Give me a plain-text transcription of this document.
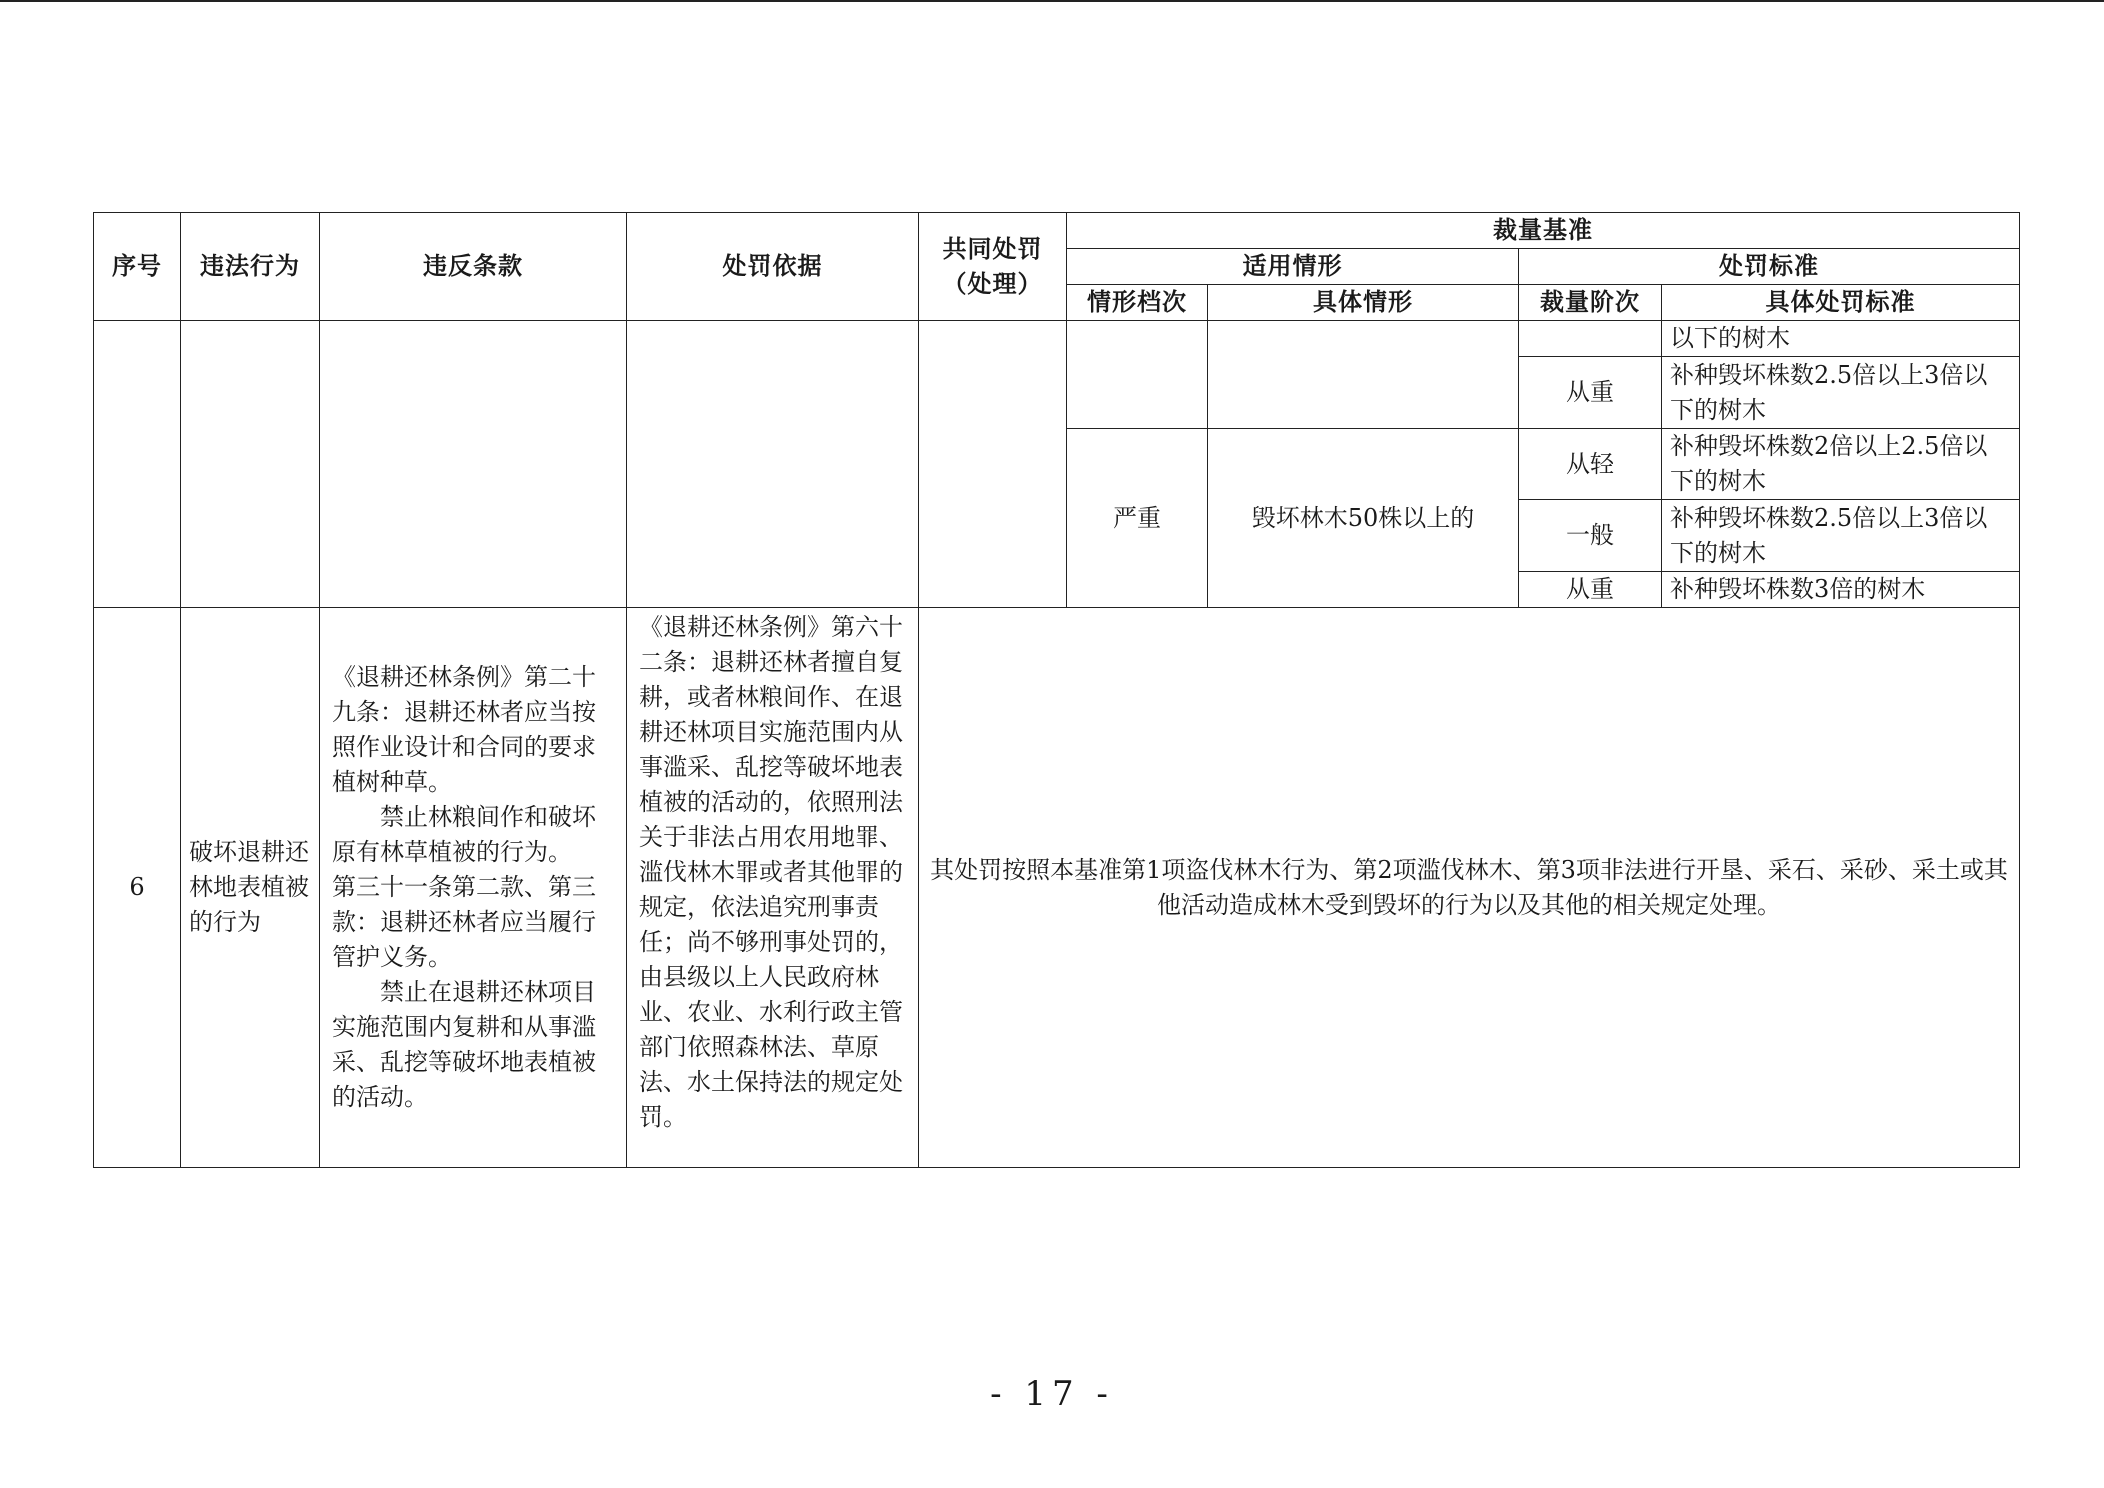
序号	违法行为	违反条款	处罚依据	共同处罚（处理）	裁量基准			
					适用情形		处罚标准	
					情形档次	具体情形	裁量阶次	具体处罚标准
								以下的树木
							从重	补种毁坏株数2.5倍以上3倍以下的树木
					严重	毁坏林木50株以上的	从轻	补种毁坏株数2倍以上2.5倍以下的树木
							一般	补种毁坏株数2.5倍以上3倍以下的树木
							从重	补种毁坏株数3倍的树木
6	破坏退耕还林地表植被的行为	《退耕还林条例》第二十九条：退耕还林者应当按照作业设计和合同的要求植树种草。
禁止林粮间作和破坏原有林草植被的行为。
第三十一条第二款、第三款：退耕还林者应当履行管护义务。
禁止在退耕还林项目实施范围内复耕和从事滥采、乱挖等破坏地表植被的活动。	《退耕还林条例》第六十二条：退耕还林者擅自复耕，或者林粮间作、在退耕还林项目实施范围内从事滥采、乱挖等破坏地表植被的活动的，依照刑法关于非法占用农用地罪、滥伐林木罪或者其他罪的规定，依法追究刑事责任；尚不够刑事处罚的，由县级以上人民政府林业、农业、水利行政主管部门依照森林法、草原法、水土保持法的规定处罚。	其处罚按照本基准第1项盗伐林木行为、第2项滥伐林木、第3项非法进行开垦、采石、采砂、采土或其他活动造成林木受到毁坏的行为以及其他的相关规定处理。				
- 17 -
